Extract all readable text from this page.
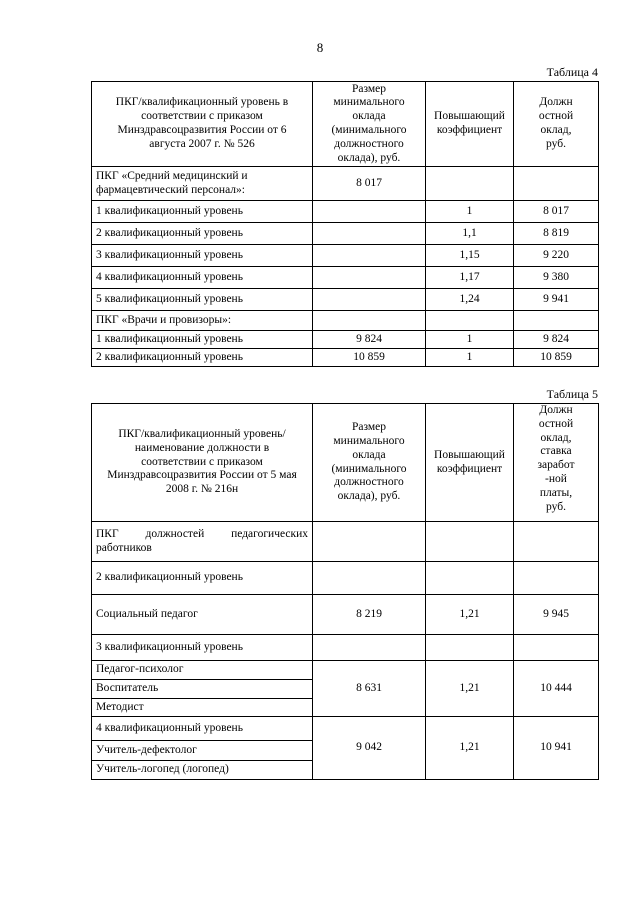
8
Таблица 4
ПКГ/квалификационный уровень в соответствии с приказом Минздравсоцразвития России от 6 августа 2007 г. № 526	Размер минимального оклада (минимального должностного оклада), руб.	Повышающий коэффициент	Должн остной оклад, руб.
ПКГ «Средний медицинский и фармацевтический персонал»:	8 017		
1 квалификационный уровень		1	8 017
2 квалификационный уровень		1,1	8 819
3 квалификационный уровень		1,15	9 220
4 квалификационный уровень		1,17	9 380
5 квалификационный уровень		1,24	9 941
ПКГ «Врачи и провизоры»:			
1 квалификационный уровень	9 824	1	9 824
2 квалификационный уровень	10 859	1	10 859
Таблица 5
ПКГ/квалификационный уровень/наименование должности в соответствии с приказом Минздравсоцразвития России от 5 мая 2008 г. № 216н	Размер минимального оклада (минимального должностного оклада), руб.	Повышающий коэффициент	Должн остной оклад, ставка заработ -ной платы, руб.
ПКГ должностей педагогических работников			
2 квалификационный уровень			
Социальный педагог	8 219	1,21	9 945
3 квалификационный уровень			
Педагог-психолог	8 631	1,21	10 444
Воспитатель			
Методист			
4 квалификационный уровень	9 042	1,21	10 941
Учитель-дефектолог			
Учитель-логопед (логопед)			
